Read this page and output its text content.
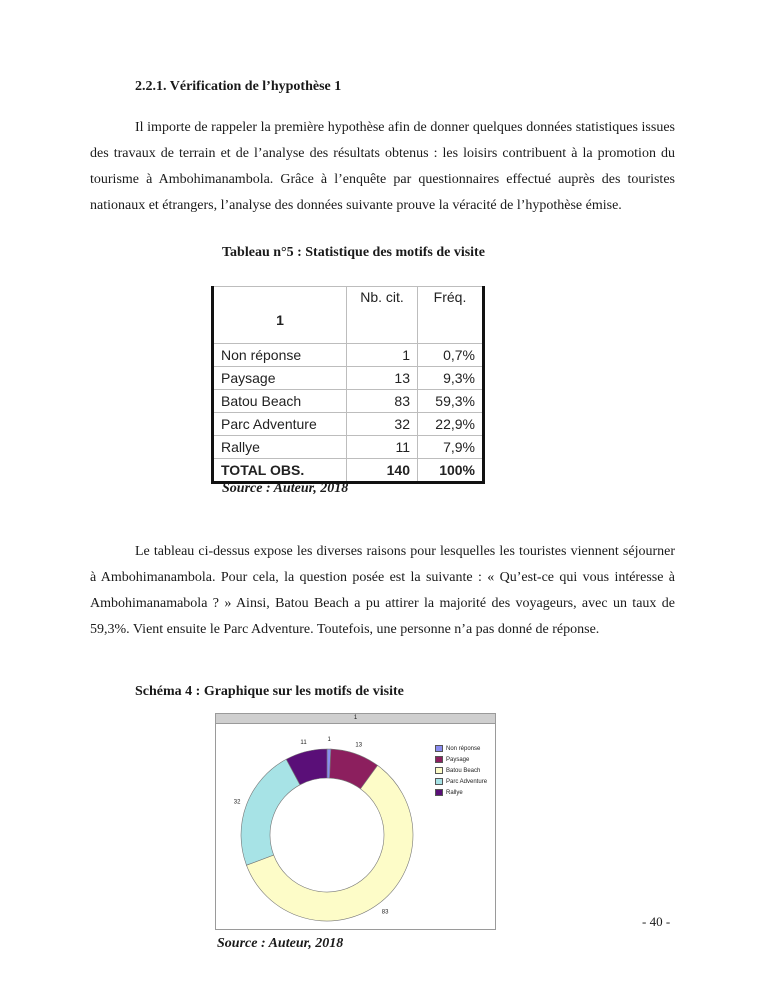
2.2.1. Vérification de l’hypothèse 1

Il importe de rappeler la première hypothèse afin de donner quelques données statistiques issues des travaux de terrain et de l’analyse des résultats obtenus : les loisirs contribuent à la promotion du tourisme à Ambohimanambola. Grâce à l’enquête par questionnaires effectué auprès des touristes nationaux et étrangers, l’analyse des données suivante prouve la véracité de l’hypothèse émise.

Tableau n°5 : Statistique des motifs de visite
1	Nb. cit.	Fréq.
Non réponse	1	0,7%
Paysage	13	9,3%
Batou Beach	83	59,3%
Parc Adventure	32	22,9%
Rallye	11	7,9%
TOTAL OBS.	140	100%
Source : Auteur, 2018

Le tableau ci-dessus expose les diverses raisons pour lesquelles les touristes viennent séjourner à Ambohimanambola. Pour cela, la question posée est la suivante : « Qu’est-ce qui vous intéresse à Ambohimanamabola ? » Ainsi, Batou Beach a pu attirer la majorité des voyageurs, avec un taux de 59,3%. Vient ensuite le Parc Adventure. Toutefois, une personne n’a pas donné de réponse.

Schéma 4 : Graphique sur les motifs de visite
1
1
13
83
32
11
Non réponse
Paysage
Batou Beach
Parc Adventure
Rallye
Source : Auteur, 2018
- 40 -
